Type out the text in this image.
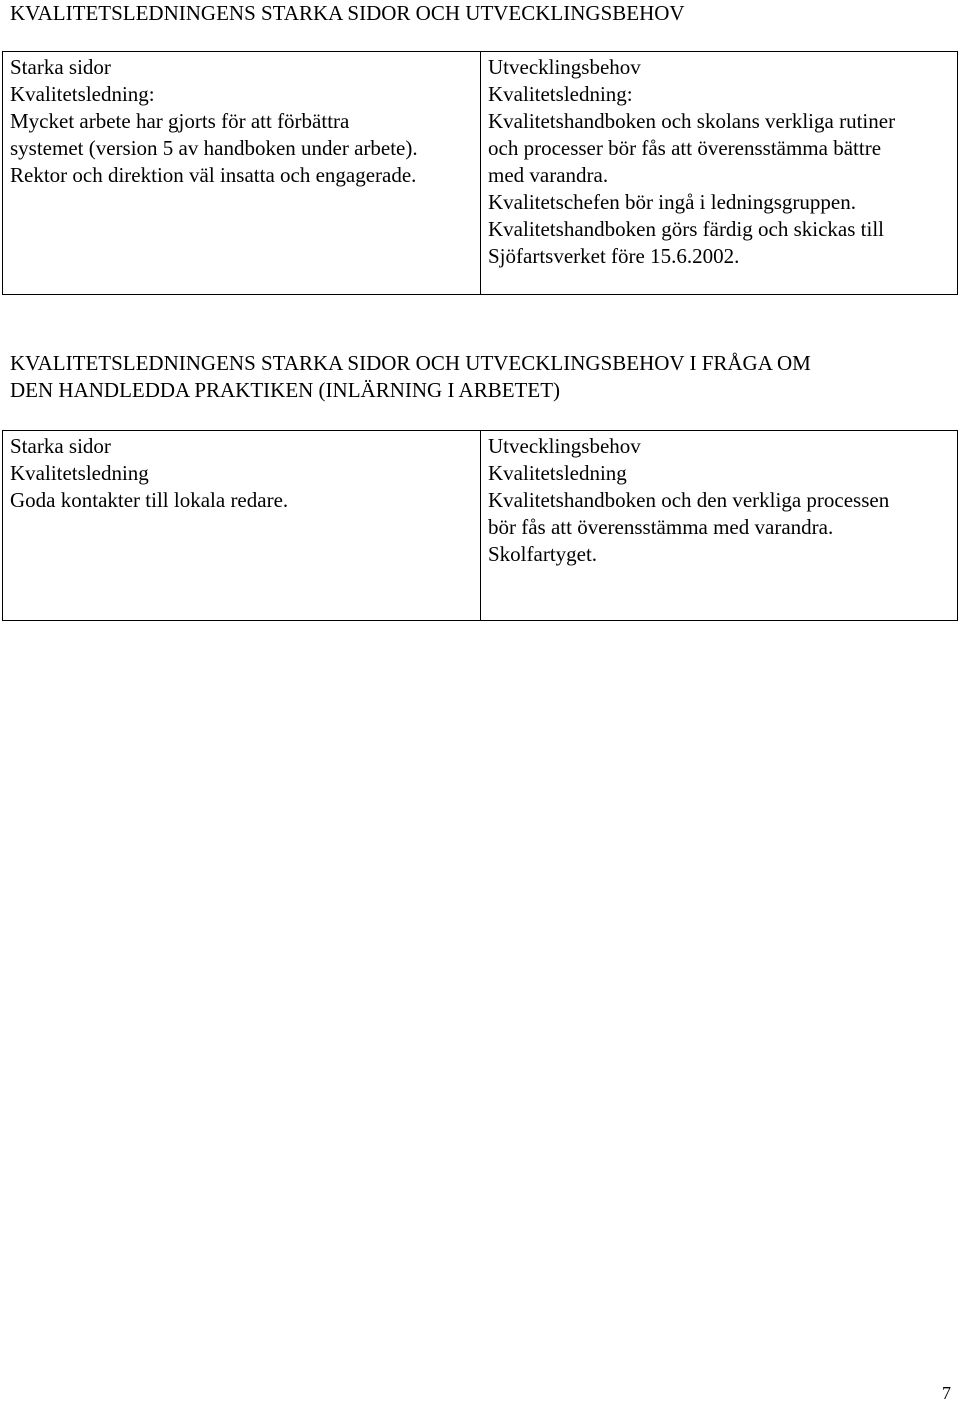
KVALITETSLEDNINGENS STARKA SIDOR OCH UTVECKLINGSBEHOV
Starka sidor
Kvalitetsledning:
Mycket arbete har gjorts för att förbättra
systemet (version 5 av handboken under arbete).
Rektor och direktion väl insatta och engagerade.
Utvecklingsbehov
Kvalitetsledning:
Kvalitetshandboken och skolans verkliga rutiner
och processer bör fås att överensstämma bättre
med varandra.
Kvalitetschefen bör ingå i ledningsgruppen.
Kvalitetshandboken görs färdig och skickas till
Sjöfartsverket före 15.6.2002.
KVALITETSLEDNINGENS STARKA SIDOR OCH UTVECKLINGSBEHOV I FRÅGA OM
DEN HANDLEDDA PRAKTIKEN (INLÄRNING I ARBETET)
Starka sidor
Kvalitetsledning
Goda kontakter till lokala redare.
Utvecklingsbehov
Kvalitetsledning
Kvalitetshandboken och den verkliga processen
bör fås att överensstämma med varandra.
Skolfartyget.
7
